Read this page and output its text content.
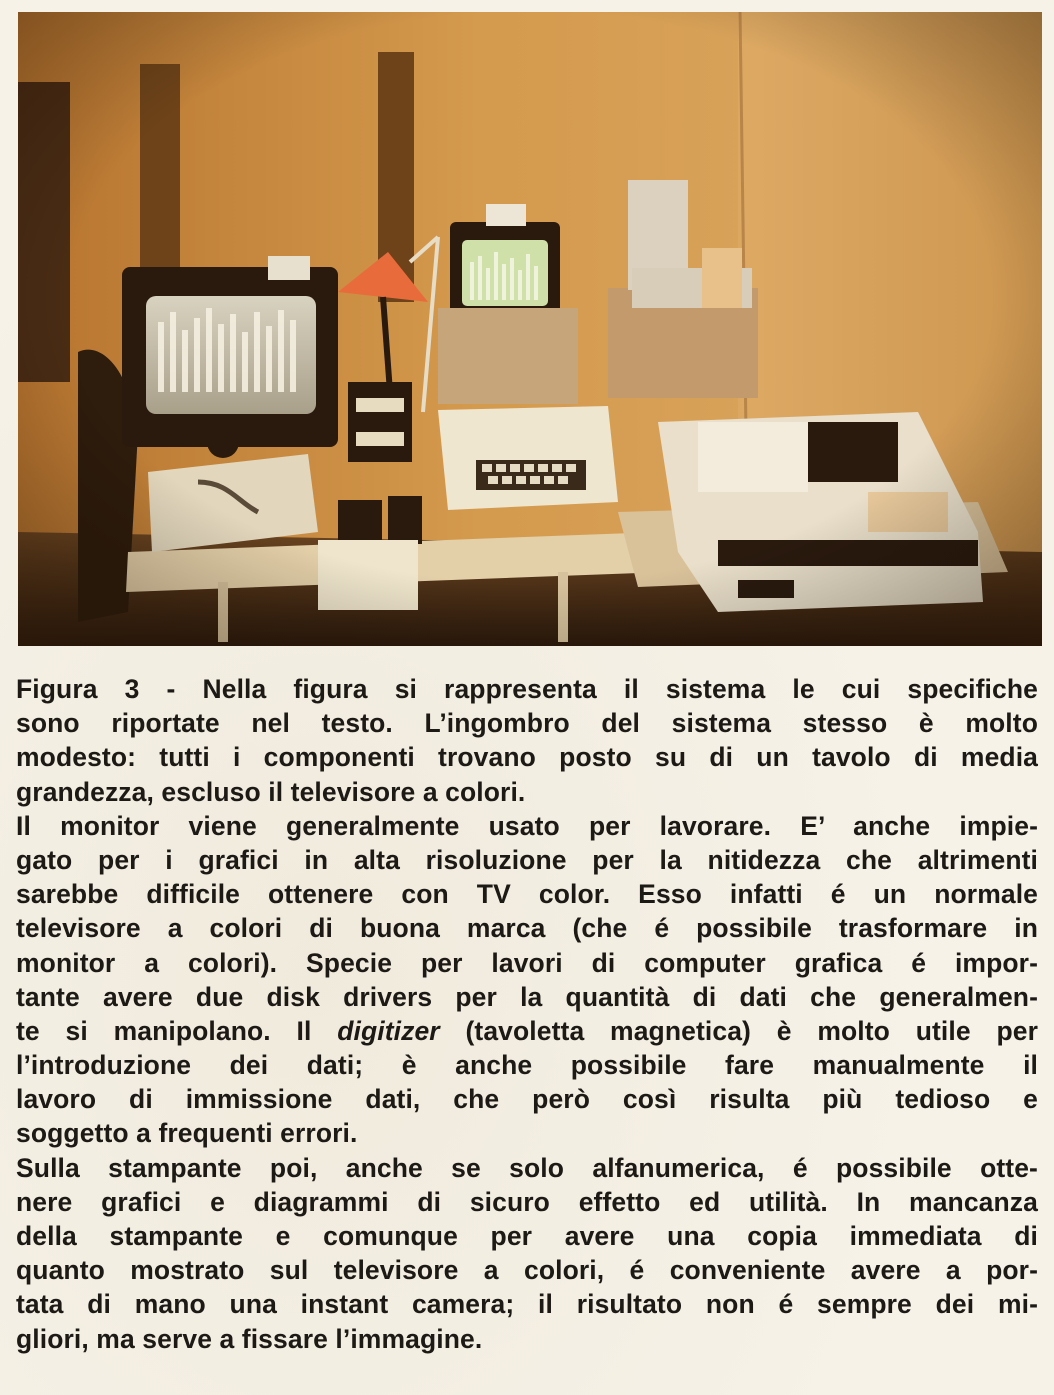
Figura 3 - Nella figura si rappresenta il sistema le cui specifiche
sono riportate nel testo. L’ingombro del sistema stesso è molto
modesto: tutti i componenti trovano posto su di un tavolo di media
grandezza, escluso il televisore a colori.
Il monitor viene generalmente usato per lavorare. E’ anche impie-
gato per i grafici in alta risoluzione per la nitidezza che altrimenti
sarebbe difficile ottenere con TV color. Esso infatti é un normale
televisore a colori di buona marca (che é possibile trasformare in
monitor a colori). Specie per lavori di computer grafica é impor-
tante avere due disk drivers per la quantità di dati che generalmen-
te si manipolano. Il digitizer (tavoletta magnetica) è molto utile per
l’introduzione dei dati; è anche possibile fare manualmente il
lavoro di immissione dati, che però così risulta più tedioso e
soggetto a frequenti errori.
Sulla stampante poi, anche se solo alfanumerica, é possibile otte-
nere grafici e diagrammi di sicuro effetto ed utilità. In mancanza
della stampante e comunque per avere una copia immediata di
quanto mostrato sul televisore a colori, é conveniente avere a por-
tata di mano una instant camera; il risultato non é sempre dei mi-
gliori, ma serve a fissare l’immagine.
